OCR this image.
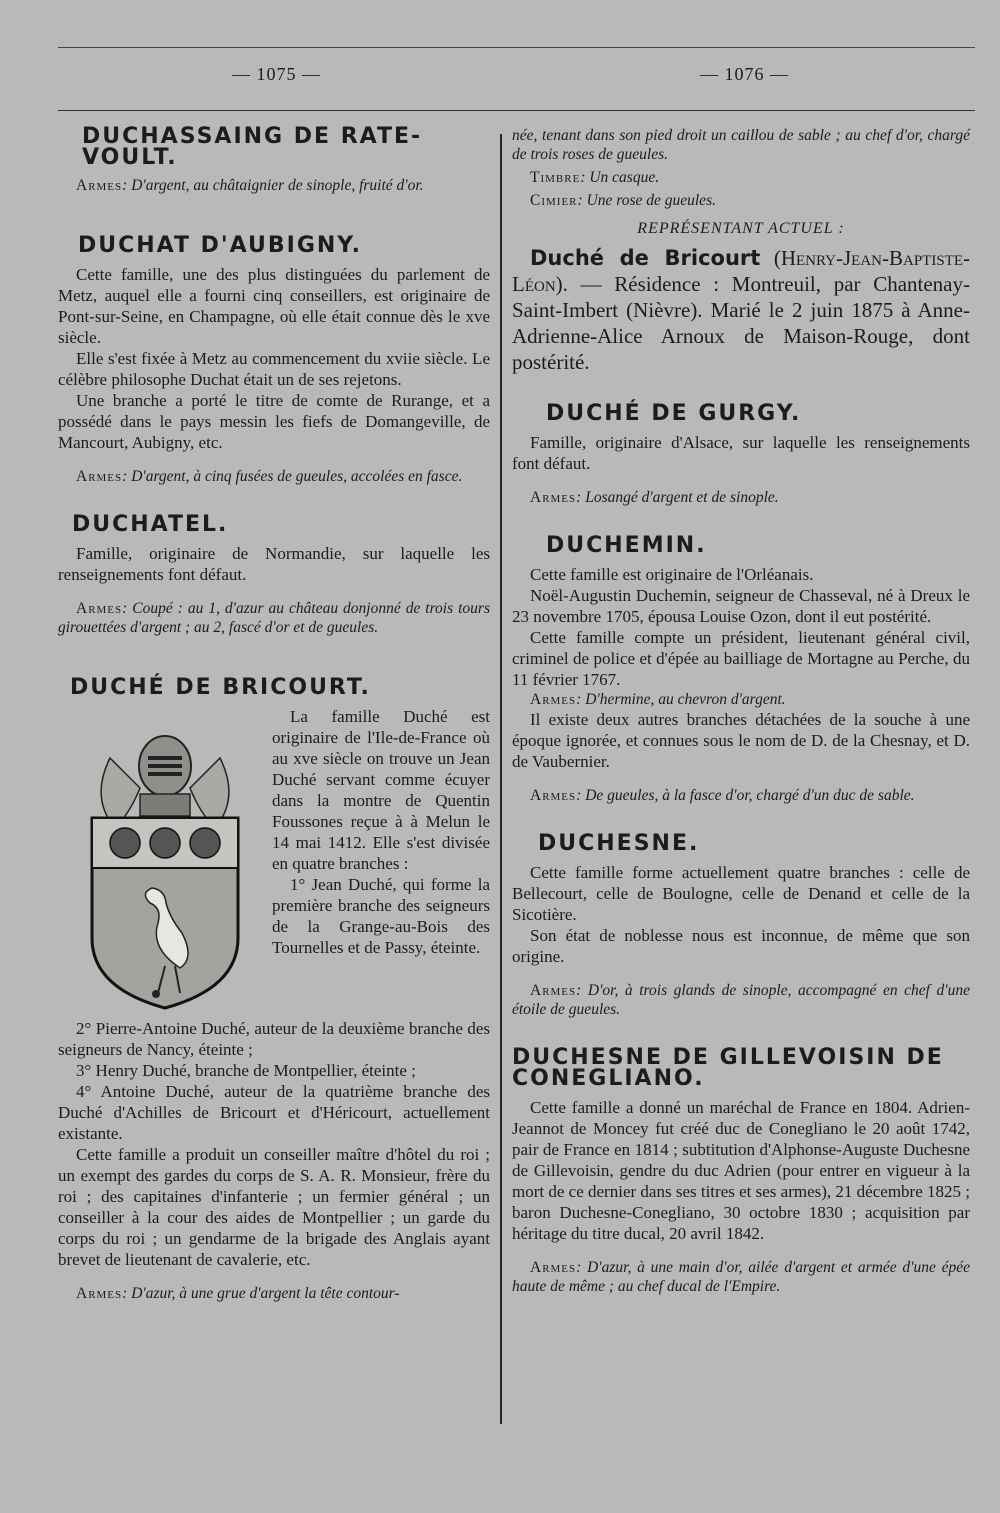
— 1075 —	— 1076 —
DUCHASSAING DE RATE-VOULT.

Armes: D'argent, au châtaignier de sinople, fruité d'or.

DUCHAT D'AUBIGNY.

Cette famille, une des plus distinguées du parlement de Metz, auquel elle a fourni cinq conseillers, est originaire de Pont-sur-Seine, en Champagne, où elle était connue dès le xve siècle.

Elle s'est fixée à Metz au commencement du xviie siècle. Le célèbre philosophe Duchat était un de ses rejetons.

Une branche a porté le titre de comte de Rurange, et a possédé dans le pays messin les fiefs de Domangeville, de Mancourt, Aubigny, etc.

Armes: D'argent, à cinq fusées de gueules, accolées en fasce.

DUCHATEL.

Famille, originaire de Normandie, sur laquelle les renseignements font défaut.

Armes: Coupé : au 1, d'azur au château donjonné de trois tours girouettées d'argent ; au 2, fascé d'or et de gueules.

DUCHÉ DE BRICOURT.

La famille Duché est originaire de l'Ile-de-France où au xve siècle on trouve un Jean Duché servant comme écuyer dans la montre de Quentin Foussones reçue à à Melun le 14 mai 1412. Elle s'est divisée en quatre branches :

1° Jean Duché, qui forme la première branche des seigneurs de la Grange-au-Bois des Tournelles et de Passy, éteinte.

2° Pierre-Antoine Duché, auteur de la deuxième branche des seigneurs de Nancy, éteinte ;

3° Henry Duché, branche de Montpellier, éteinte ;

4° Antoine Duché, auteur de la quatrième branche des Duché d'Achilles de Bricourt et d'Héricourt, actuellement existante.

Cette famille a produit un conseiller maître d'hôtel du roi ; un exempt des gardes du corps de S. A. R. Monsieur, frère du roi ; des capitaines d'infanterie ; un fermier général ; un conseiller à la cour des aides de Montpellier ; un garde du corps du roi ; un gendarme de la brigade des Anglais ayant brevet de lieutenant de cavalerie, etc.

Armes: D'azur, à une grue d'argent la tête contour-

née, tenant dans son pied droit un caillou de sable ; au chef d'or, chargé de trois roses de gueules.

Timbre: Un casque.

Cimier: Une rose de gueules.

REPRÉSENTANT ACTUEL :

Duché de Bricourt (Henry-Jean-Baptiste-Léon). — Résidence : Montreuil, par Chantenay-Saint-Imbert (Nièvre). Marié le 2 juin 1875 à Anne-Adrienne-Alice Arnoux de Maison-Rouge, dont postérité.

DUCHÉ DE GURGY.

Famille, originaire d'Alsace, sur laquelle les renseignements font défaut.

Armes: Losangé d'argent et de sinople.

DUCHEMIN.

Cette famille est originaire de l'Orléanais.

Noël-Augustin Duchemin, seigneur de Chasseval, né à Dreux le 23 novembre 1705, épousa Louise Ozon, dont il eut postérité.

Cette famille compte un président, lieutenant général civil, criminel de police et d'épée au bailliage de Mortagne au Perche, du 11 février 1767.

Armes: D'hermine, au chevron d'argent.

Il existe deux autres branches détachées de la souche à une époque ignorée, et connues sous le nom de D. de la Chesnay, et D. de Vaubernier.

Armes: De gueules, à la fasce d'or, chargé d'un duc de sable.

DUCHESNE.

Cette famille forme actuellement quatre branches : celle de Bellecourt, celle de Boulogne, celle de Denand et celle de la Sicotière.

Son état de noblesse nous est inconnue, de même que son origine.

Armes: D'or, à trois glands de sinople, accompagné en chef d'une étoile de gueules.

DUCHESNE DE GILLEVOISIN DE CONEGLIANO.

Cette famille a donné un maréchal de France en 1804. Adrien-Jeannot de Moncey fut créé duc de Conegliano le 20 août 1742, pair de France en 1814 ; subtitution d'Alphonse-Auguste Duchesne de Gillevoisin, gendre du duc Adrien (pour entrer en vigueur à la mort de ce dernier dans ses titres et ses armes), 21 décembre 1825 ; baron Duchesne-Conegliano, 30 octobre 1830 ; acquisition par héritage du titre ducal, 20 avril 1842.

Armes: D'azur, à une main d'or, ailée d'argent et armée d'une épée haute de même ; au chef ducal de l'Empire.
